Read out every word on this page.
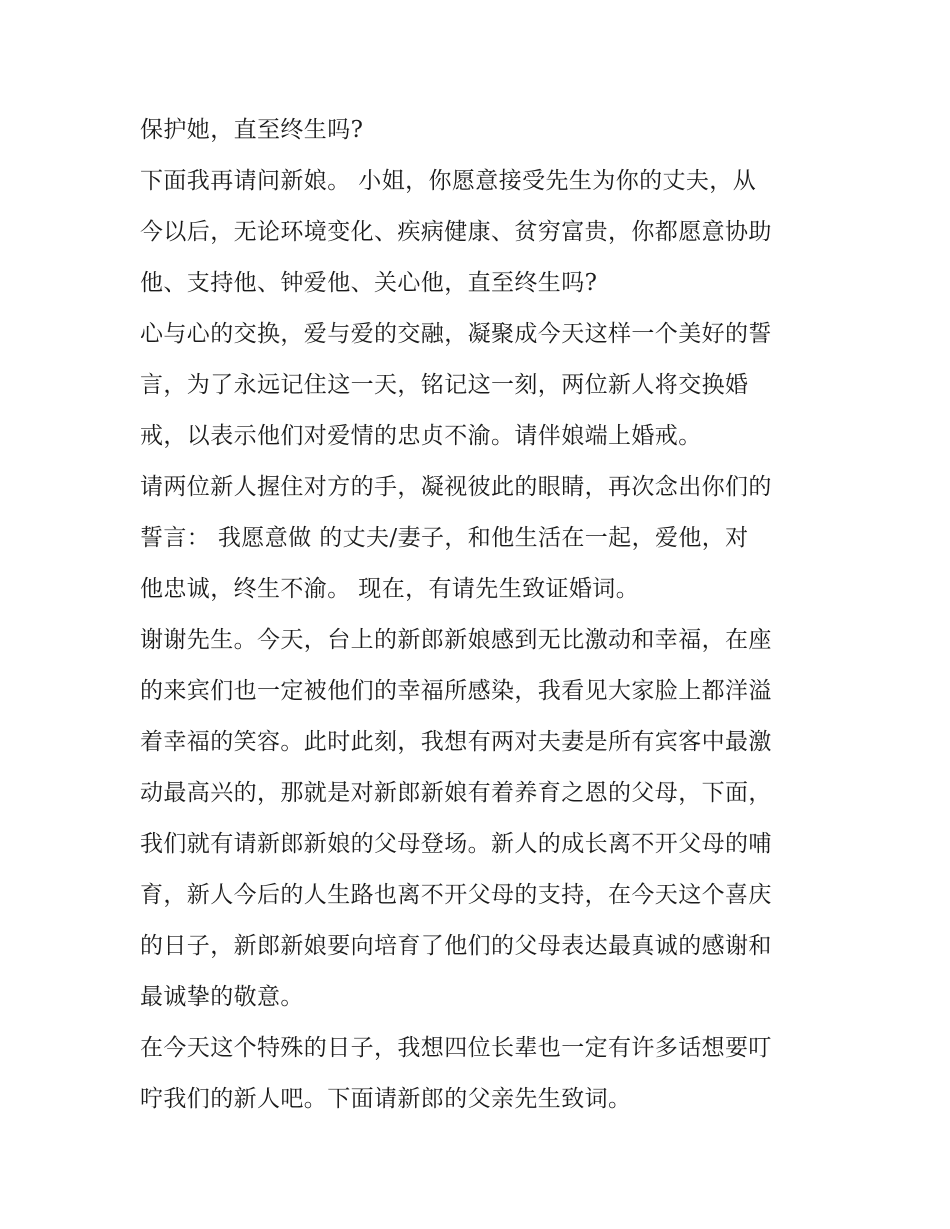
保护她，直至终生吗?
下面我再请问新娘。 小姐，你愿意接受先生为你的丈夫，从
今以后，无论环境变化、疾病健康、贫穷富贵，你都愿意协助
他、支持他、钟爱他、关心他，直至终生吗?
心与心的交换，爱与爱的交融，凝聚成今天这样一个美好的誓
言，为了永远记住这一天，铭记这一刻，两位新人将交换婚
戒，以表示他们对爱情的忠贞不渝。请伴娘端上婚戒。
请两位新人握住对方的手，凝视彼此的眼睛，再次念出你们的
誓言： 我愿意做 的丈夫/妻子，和他生活在一起，爱他，对
他忠诚，终生不渝。 现在，有请先生致证婚词。
谢谢先生。今天，台上的新郎新娘感到无比激动和幸福，在座
的来宾们也一定被他们的幸福所感染，我看见大家脸上都洋溢
着幸福的笑容。此时此刻，我想有两对夫妻是所有宾客中最激
动最高兴的，那就是对新郎新娘有着养育之恩的父母，下面，
我们就有请新郎新娘的父母登场。新人的成长离不开父母的哺
育，新人今后的人生路也离不开父母的支持，在今天这个喜庆
的日子，新郎新娘要向培育了他们的父母表达最真诚的感谢和
最诚挚的敬意。
在今天这个特殊的日子，我想四位长辈也一定有许多话想要叮
咛我们的新人吧。下面请新郎的父亲先生致词。
